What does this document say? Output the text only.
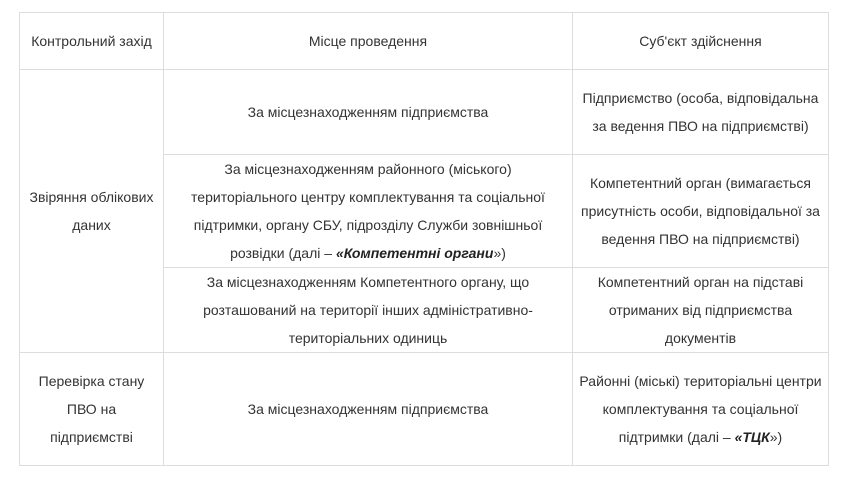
Контрольний захід	Місце проведення	Суб'єкт здійснення
Звіряння облікових даних	За місцезнаходженням підприємства	Підприємство (особа, відповідальна за ведення ПВО на підприємстві)
	За місцезнаходженням районного (міського) територіального центру комплектування та соціальної підтримки, органу СБУ, підрозділу Служби зовнішньої розвідки (далі – «Компетентні органи»)	Компетентний орган (вимагається присутність особи, відповідальної за ведення ПВО на підприємстві)
	За місцезнаходженням Компетентного органу, що розташований на території інших адміністративно-територіальних одиниць	Компетентний орган на підставі отриманих від підприємства документів
Перевірка стану ПВО на підприємстві	За місцезнаходженням підприємства	Районні (міські) територіальні центри комплектування та соціальної підтримки (далі – «ТЦК»)
